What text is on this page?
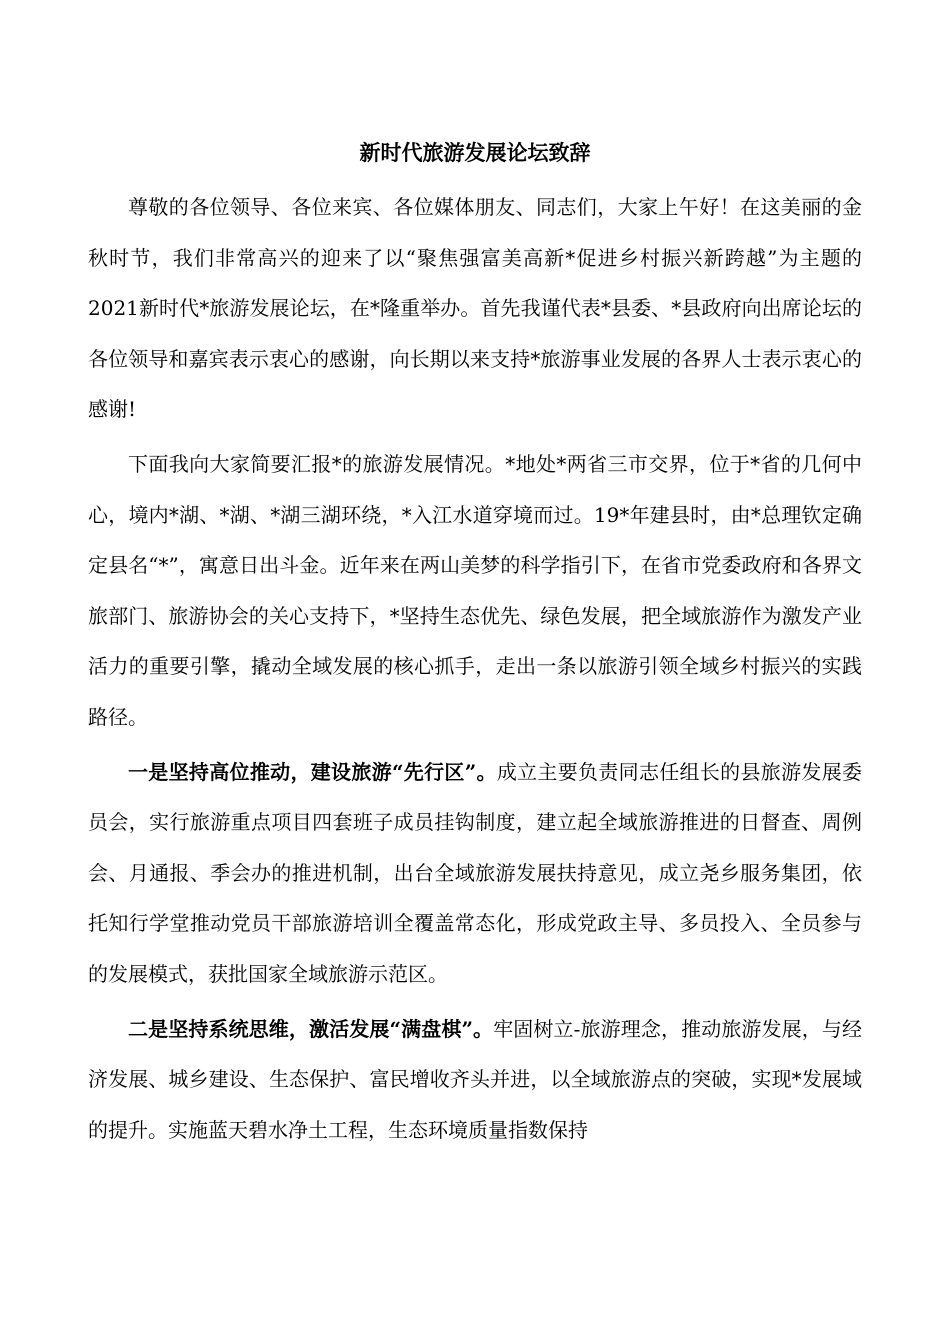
新时代旅游发展论坛致辞

尊敬的各位领导、各位来宾、各位媒体朋友、同志们，大家上午好！在这美丽的金秋时节，我们非常高兴的迎来了以“聚焦强富美高新*促进乡村振兴新跨越”为主题的2021新时代*旅游发展论坛，在*隆重举办。首先我谨代表*县委、*县政府向出席论坛的各位领导和嘉宾表示衷心的感谢，向长期以来支持*旅游事业发展的各界人士表示衷心的感谢!

下面我向大家简要汇报*的旅游发展情况。*地处*两省三市交界，位于*省的几何中心，境内*湖、*湖、*湖三湖环绕，*入江水道穿境而过。19*年建县时，由*总理钦定确定县名“*”，寓意日出斗金。近年来在两山美梦的科学指引下，在省市党委政府和各界文旅部门、旅游协会的关心支持下，*坚持生态优先、绿色发展，把全域旅游作为激发产业活力的重要引擎，撬动全域发展的核心抓手，走出一条以旅游引领全域乡村振兴的实践路径。

一是坚持高位推动，建设旅游“先行区”。成立主要负责同志任组长的县旅游发展委员会，实行旅游重点项目四套班子成员挂钩制度，建立起全域旅游推进的日督查、周例会、月通报、季会办的推进机制，出台全域旅游发展扶持意见，成立尧乡服务集团，依托知行学堂推动党员干部旅游培训全覆盖常态化，形成党政主导、多员投入、全员参与的发展模式，获批国家全域旅游示范区。

二是坚持系统思维，激活发展“满盘棋”。牢固树立-旅游理念，推动旅游发展，与经济发展、城乡建设、生态保护、富民增收齐头并进，以全域旅游点的突破，实现*发展域的提升。实施蓝天碧水净土工程，生态环境质量指数保持
